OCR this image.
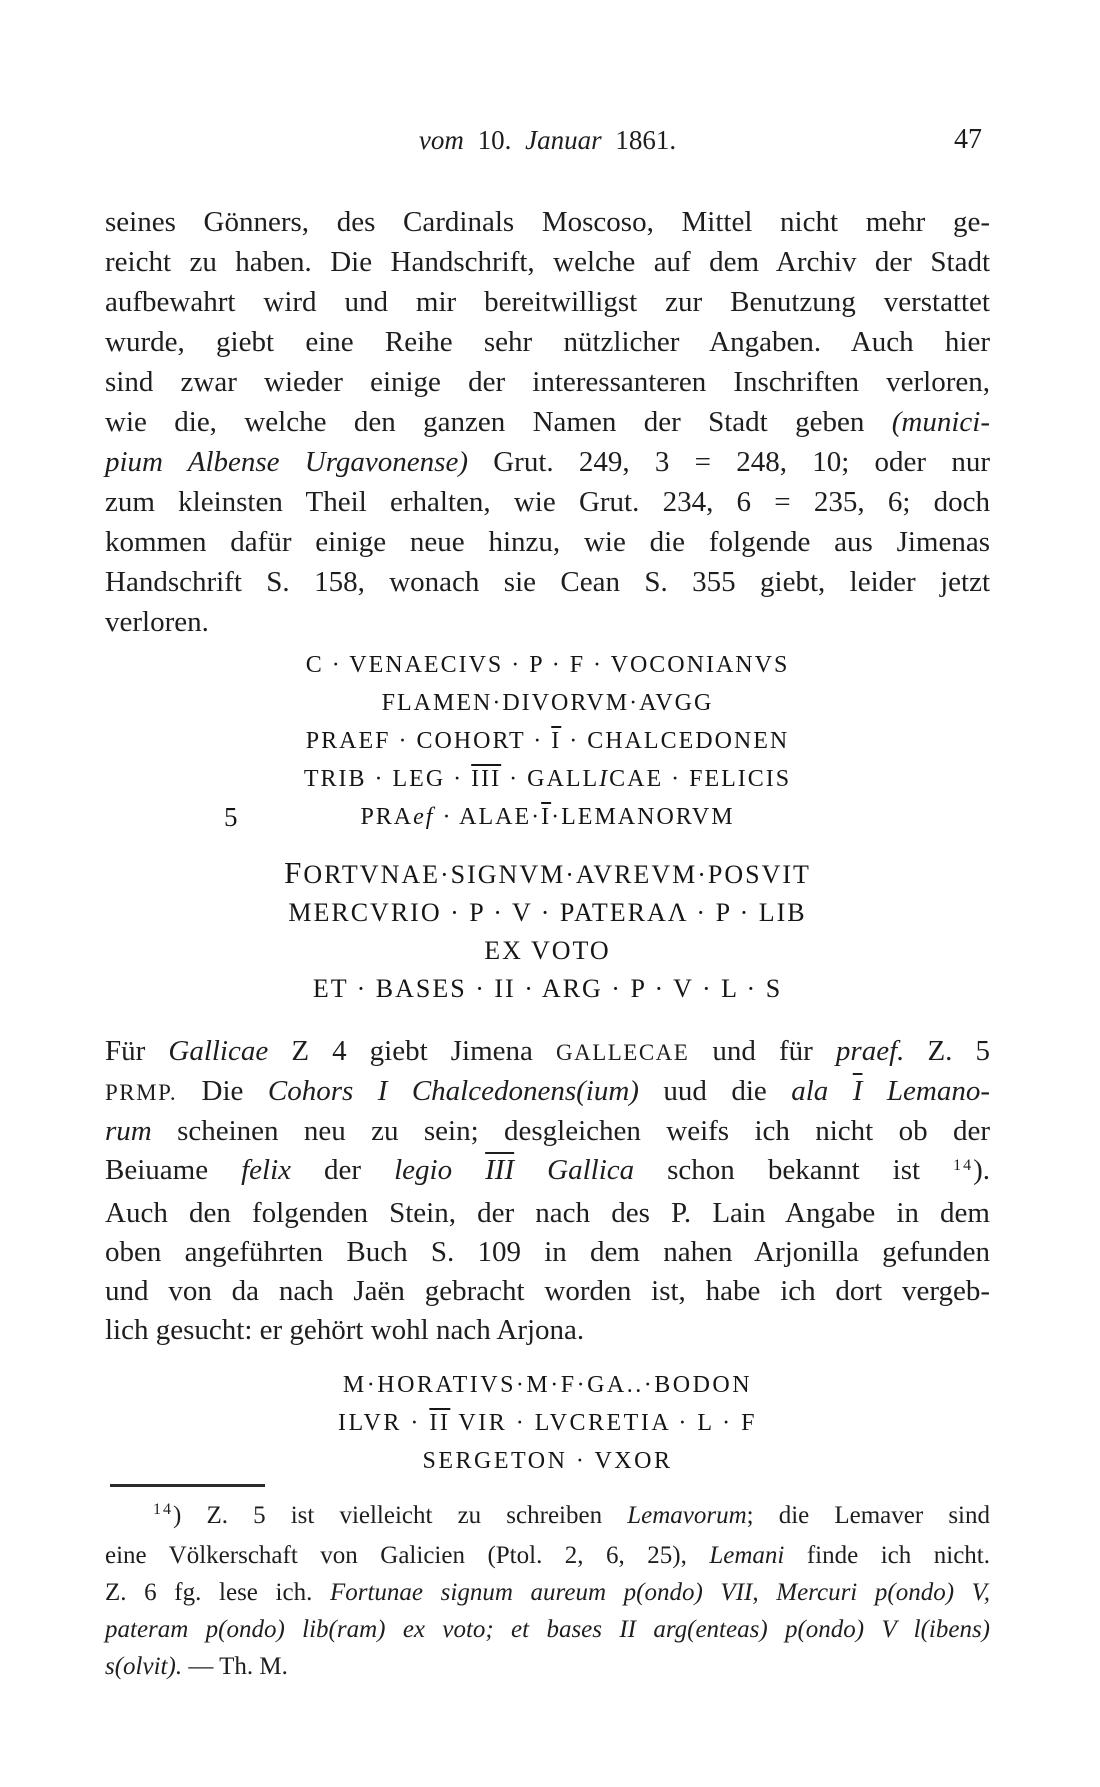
vom 10. Januar 1861.	47
seines Gönners, des Cardinals Moscoso, Mittel nicht mehr ge-
reicht zu haben. Die Handschrift, welche auf dem Archiv der Stadt
aufbewahrt wird und mir bereitwilligst zur Benutzung verstattet
wurde, giebt eine Reihe sehr nützlicher Angaben. Auch hier
sind zwar wieder einige der interessanteren Inschriften verloren,
wie die, welche den ganzen Namen der Stadt geben (munici-
pium Albense Urgavonense) Grut. 249, 3 = 248, 10; oder nur
zum kleinsten Theil erhalten, wie Grut. 234, 6 = 235, 6; doch
kommen dafür einige neue hinzu, wie die folgende aus Jimenas
Handschrift S. 158, wonach sie Cean S. 355 giebt, leider jetzt
verloren.
C · VENAECIVS · P · F · VOCONIANVS
FLAMEN·DIVORVM·AVGG
PRAEF · COHORT · $\overline{I}$ · CHALCEDONEN
TRIB · LEG · $\overline{III}$ · GALLICAE · FELICIS
5	PRAef · $ALAE\cdot\overline{I}\cdot LEMANORVM$
FORTVNAE·SIGNVM·AVREVM·POSVIT
MERCVRIO · P · V · PATERAΛ · P · LIB
EX VOTO
ET · BASES · II · ARG · P · V · L · S
Für Gallicae Z 4 giebt Jimena GALLECAE und für praef. Z. 5
PRMP. Die Cohors I Chalcedonens(ium) uud die ala $\overline{I}$ Lemano-
rum scheinen neu zu sein; desgleichen weifs ich nicht ob der
Beiuame felix der legio $\overline{III}$ Gallica schon bekannt ist $^{14}$).
Auch den folgenden Stein, der nach des P. Lain Angabe in dem
oben angeführten Buch S. 109 in dem nahen Arjonilla gefunden
und von da nach Jaën gebracht worden ist, habe ich dort vergeb-
lich gesucht: er gehört wohl nach Arjona.
M·HORATIVS·M·F·GA..·BODON
ILVR · $\overline{II}$ VIR · LVCRETIA · L · F
SERGETON · VXOR
$^{14}$) Z. 5 ist vielleicht zu schreiben Lemavorum; die Lemaver sind
eine Völkerschaft von Galicien (Ptol. 2, 6, 25), Lemani finde ich nicht.
Z. 6 fg. lese ich. Fortunae signum aureum p(ondo) VII, Mercuri p(ondo) V,
pateram p(ondo) lib(ram) ex voto; et bases II arg(enteas) p(ondo) V l(ibens)
s(olvit). — Th. M.
